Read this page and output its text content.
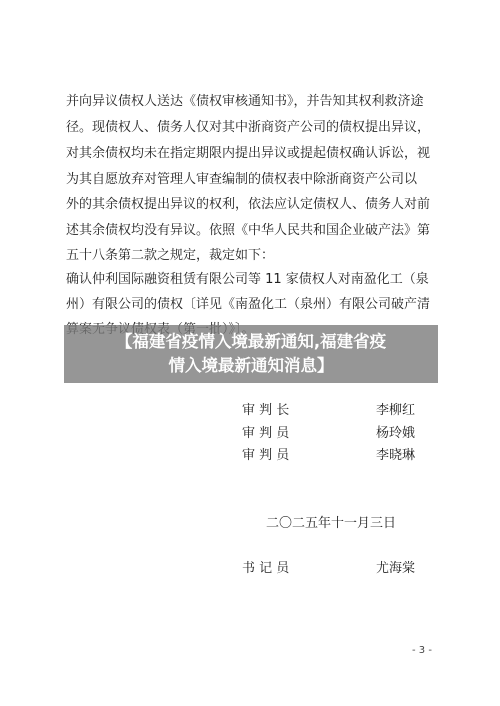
并向异议债权人送达《债权审核通知书》，并告知其权利救济途
径。现债权人、债务人仅对其中浙商资产公司的债权提出异议，
对其余债权均未在指定期限内提出异议或提起债权确认诉讼，视
为其自愿放弃对管理人审查编制的债权表中除浙商资产公司以
外的其余债权提出异议的权利，依法应认定债权人、债务人对前
述其余债权均没有异议。依照《中华人民共和国企业破产法》第
五十八条第二款之规定，裁定如下：
确认仲利国际融资租赁有限公司等 11 家债权人对南盈化工（泉
州）有限公司的债权〔详见《南盈化工（泉州）有限公司破产清
【福建省疫情入境最新通知,福建省疫
情入境最新通知消息】
审 判 长	李柳红
审 判 员	杨玲娥
审 判 员	李晓琳
二〇二五年十一月三日
书 记 员	尤海棠
- 3 -
